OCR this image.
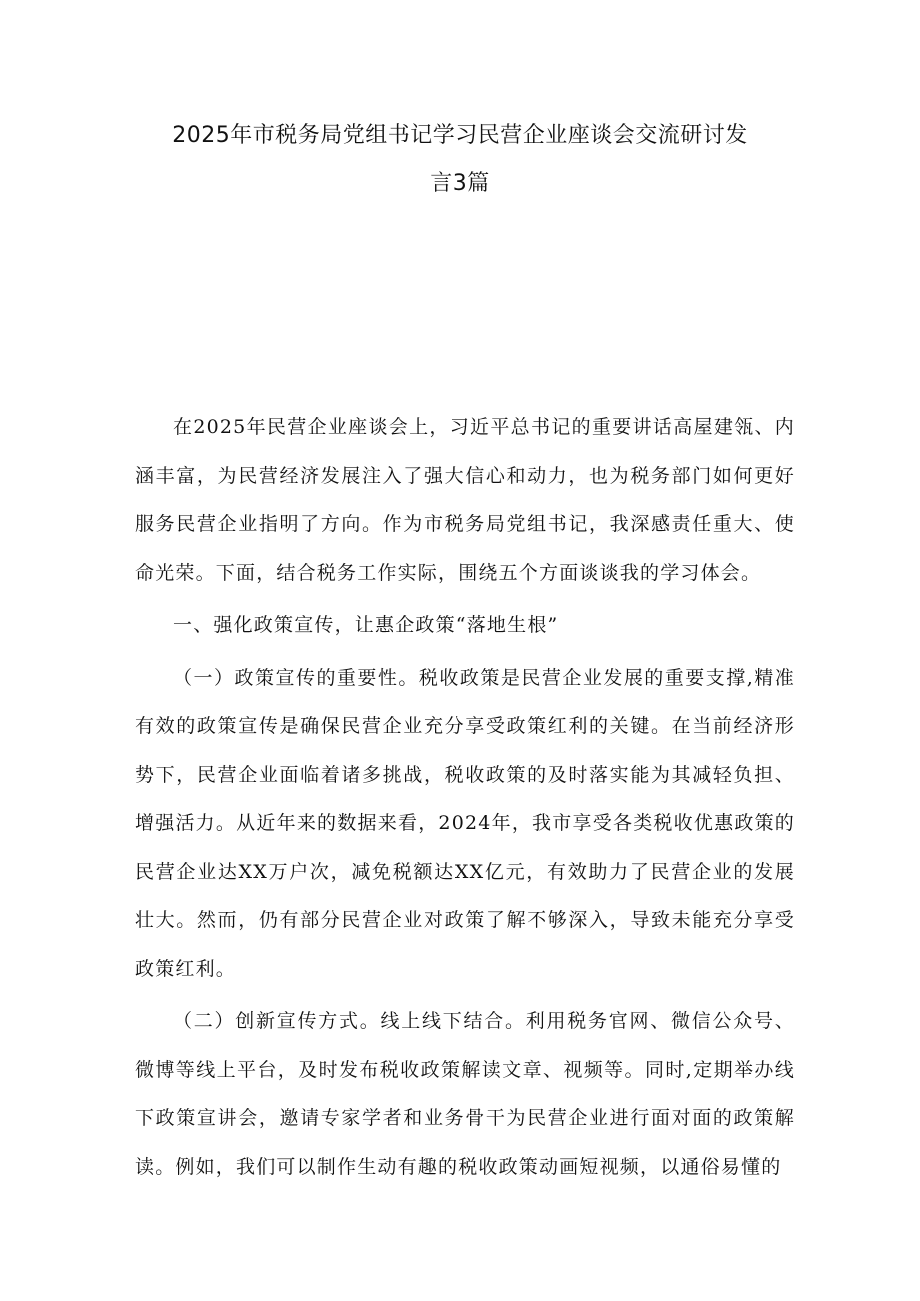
2025年市税务局党组书记学习民营企业座谈会交流研讨发
言3篇

在2025年民营企业座谈会上，习近平总书记的重要讲话高屋建瓴、内涵丰富，为民营经济发展注入了强大信心和动力，也为税务部门如何更好服务民营企业指明了方向。作为市税务局党组书记，我深感责任重大、使命光荣。下面，结合税务工作实际，围绕五个方面谈谈我的学习体会。

一、强化政策宣传，让惠企政策“落地生根”

（一）政策宣传的重要性。税收政策是民营企业发展的重要支撑,精准有效的政策宣传是确保民营企业充分享受政策红利的关键。在当前经济形势下，民营企业面临着诸多挑战，税收政策的及时落实能为其减轻负担、增强活力。从近年来的数据来看，2024年，我市享受各类税收优惠政策的民营企业达XX万户次，减免税额达XX亿元，有效助力了民营企业的发展壮大。然而，仍有部分民营企业对政策了解不够深入，导致未能充分享受政策红利。

（二）创新宣传方式。线上线下结合。利用税务官网、微信公众号、微博等线上平台，及时发布税收政策解读文章、视频等。同时,定期举办线下政策宣讲会，邀请专家学者和业务骨干为民营企业进行面对面的政策解读。例如，我们可以制作生动有趣的税收政策动画短视频，以通俗易懂的
